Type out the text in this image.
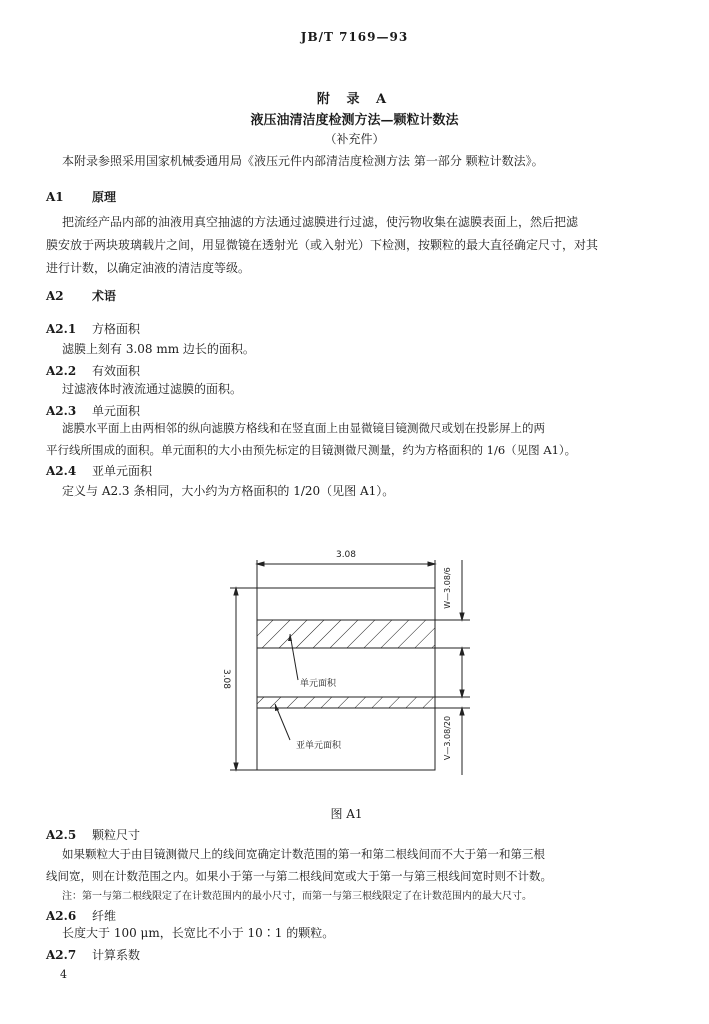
JB/T 7169—93
附 录 A
液压油清洁度检测方法—颗粒计数法
（补充件）
本附录参照采用国家机械委通用局《液压元件内部清洁度检测方法 第一部分 颗粒计数法》。
A1 原理
把流经产品内部的油液用真空抽滤的方法通过滤膜进行过滤，使污物收集在滤膜表面上，然后把滤
膜安放于两块玻璃载片之间，用显微镜在透射光（或入射光）下检测，按颗粒的最大直径确定尺寸，对其
进行计数，以确定油液的清洁度等级。
A2 术语
A2.1 方格面积
滤膜上刻有 3.08 mm 边长的面积。
A2.2 有效面积
过滤液体时液流通过滤膜的面积。
A2.3 单元面积
滤膜水平面上由两相邻的纵向滤膜方格线和在竖直面上由显微镜目镜测微尺或划在投影屏上的两
平行线所围成的面积。单元面积的大小由预先标定的目镜测微尺测量，约为方格面积的 1/6（见图 A1）。
A2.4 亚单元面积
定义与 A2.3 条相同，大小约为方格面积的 1/20（见图 A1）。
3.08
3.08
W—3.08/6
V—3.08/20
单元面积
亚单元面积
图 A1
A2.5 颗粒尺寸
如果颗粒大于由目镜测微尺上的线间宽确定计数范围的第一和第二根线间而不大于第一和第三根
线间宽，则在计数范围之内。如果小于第一与第二根线间宽或大于第一与第三根线间宽时则不计数。
注：第一与第二根线限定了在计数范围内的最小尺寸，而第一与第三根线限定了在计数范围内的最大尺寸。
A2.6 纤维
长度大于 100 μm，长宽比不小于 10∶1 的颗粒。
A2.7 计算系数
4
